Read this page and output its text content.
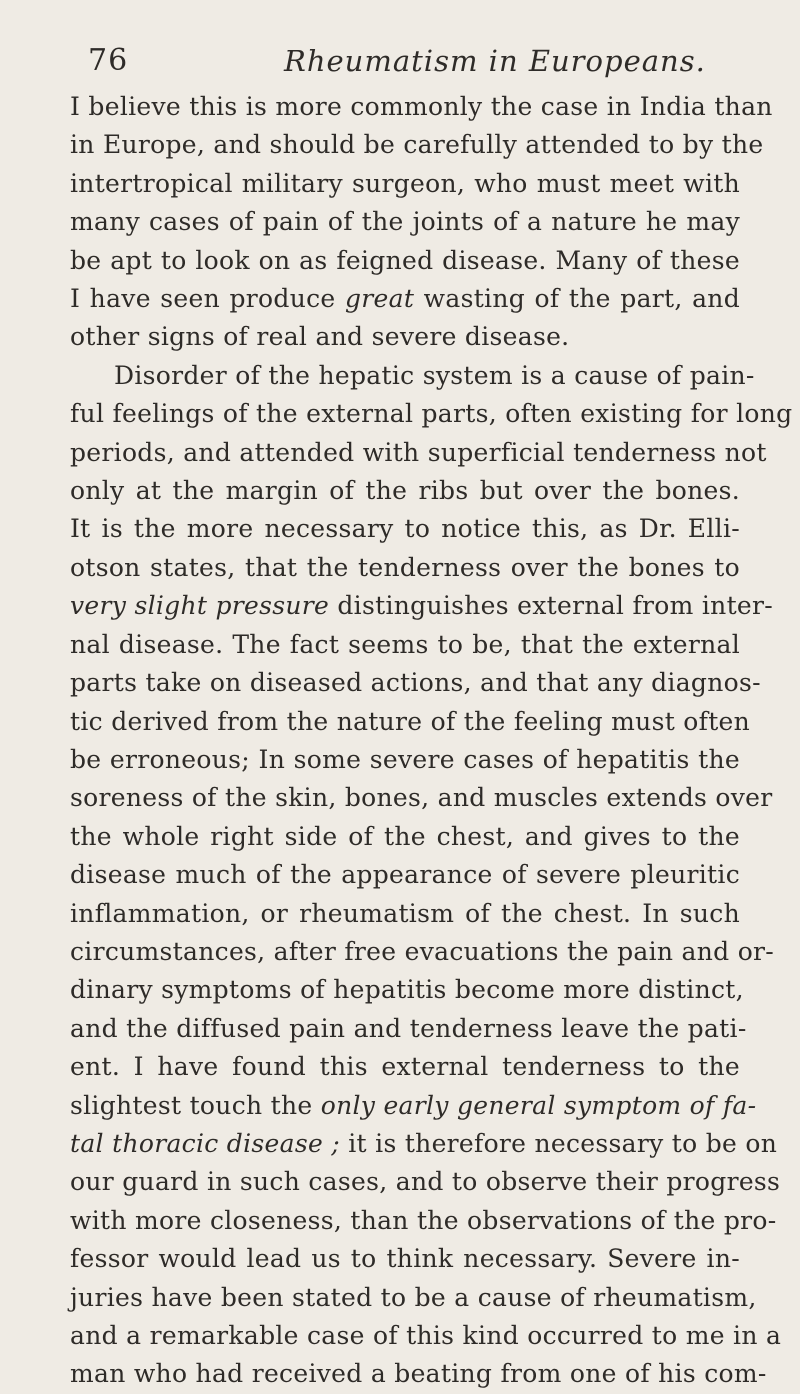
76	Rheumatism in Europeans.
I believe this is more commonly the case in India than
in Europe, and should be carefully attended to by the
intertropical military surgeon, who must meet with
many cases of pain of the joints of a nature he may
be apt to look on as feigned disease. Many of these
I have seen produce great wasting of the part, and
other signs of real and severe disease.
Disorder of the hepatic system is a cause of pain-
ful feelings of the external parts, often existing for long
periods, and attended with superficial tenderness not
only at the margin of the ribs but over the bones.
It is the more necessary to notice this, as Dr. Elli-
otson states, that the tenderness over the bones to
very slight pressure distinguishes external from inter-
nal disease. The fact seems to be, that the external
parts take on diseased actions, and that any diagnos-
tic derived from the nature of the feeling must often
be erroneous; In some severe cases of hepatitis the
soreness of the skin, bones, and muscles extends over
the whole right side of the chest, and gives to the
disease much of the appearance of severe pleuritic
inflammation, or rheumatism of the chest. In such
circumstances, after free evacuations the pain and or-
dinary symptoms of hepatitis become more distinct,
and the diffused pain and tenderness leave the pati-
ent. I have found this external tenderness to the
slightest touch the only early general symptom of fa-
tal thoracic disease ; it is therefore necessary to be on
our guard in such cases, and to observe their progress
with more closeness, than the observations of the pro-
fessor would lead us to think necessary. Severe in-
juries have been stated to be a cause of rheumatism,
and a remarkable case of this kind occurred to me in a
man who had received a beating from one of his com-
